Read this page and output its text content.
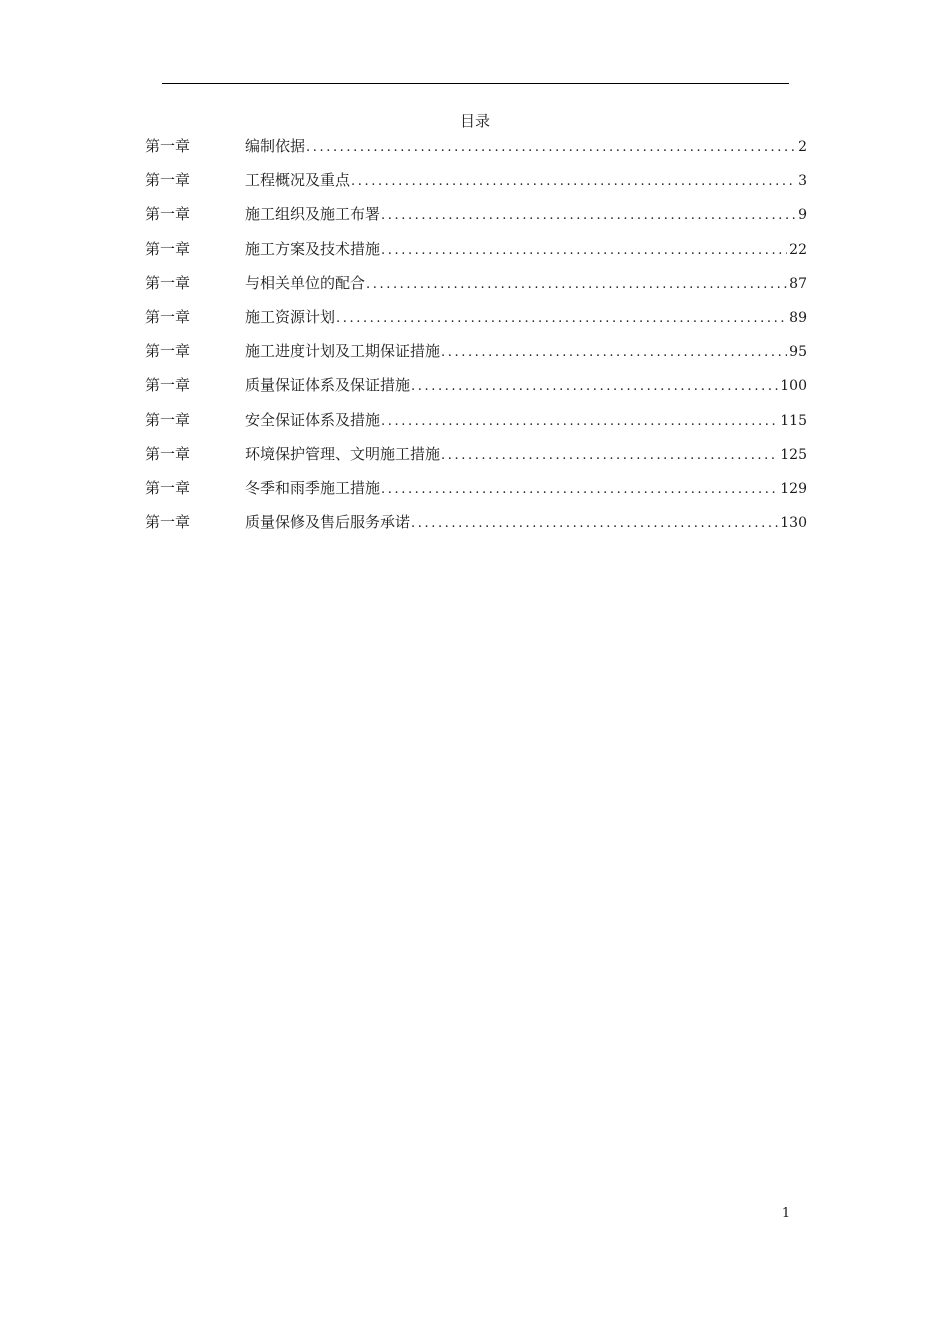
目录
第一章	编制依据 .....	2
第一章	工程概况及重点 .....	3
第一章	施工组织及施工布署 .....	9
第一章	施工方案及技术措施 .....	22
第一章	与相关单位的配合 .....	87
第一章	施工资源计划 .....	89
第一章	施工进度计划及工期保证措施 .....	95
第一章	质量保证体系及保证措施 .....	100
第一章	安全保证体系及措施 .....	115
第一章	环境保护管理、文明施工措施 .....	125
第一章	冬季和雨季施工措施 .....	129
第一章	质量保修及售后服务承诺 .....	130
1
